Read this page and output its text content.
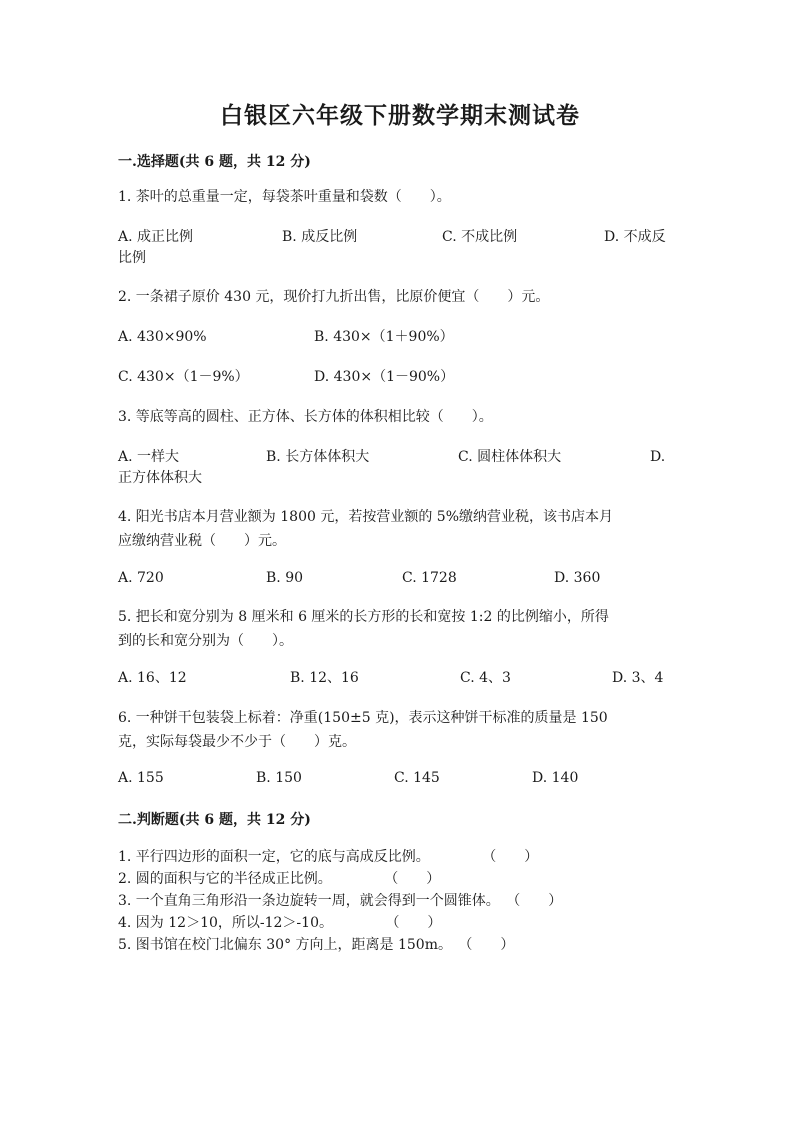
白银区六年级下册数学期末测试卷
一.选择题(共 6 题，共 12 分)
1. 茶叶的总重量一定，每袋茶叶重量和袋数（　　）。
A. 成正比例	B. 成反比例	C. 不成比例	D. 不成反
比例
2. 一条裙子原价 430 元，现价打九折出售，比原价便宜（　　）元。
A. 430×90%	B. 430×（1＋90%）
C. 430×（1－9%）	D. 430×（1－90%）
3. 等底等高的圆柱、正方体、长方体的体积相比较（　　）。
A. 一样大	B. 长方体体积大	C. 圆柱体体积大	D.
正方体体积大
4. 阳光书店本月营业额为 1800 元，若按营业额的 5%缴纳营业税，该书店本月
应缴纳营业税（　　）元。
A. 720	B. 90	C. 1728	D. 360
5. 把长和宽分别为 8 厘米和 6 厘米的长方形的长和宽按 1:2 的比例缩小，所得
到的长和宽分别为（　　）。
A. 16、12	B. 12、16	C. 4、3	D. 3、4
6. 一种饼干包装袋上标着：净重(150±5 克)，表示这种饼干标准的质量是 150
克，实际每袋最少不少于（　　）克。
A. 155	B. 150	C. 145	D. 140
二.判断题(共 6 题，共 12 分)
1. 平行四边形的面积一定，它的底与高成反比例。	（　　）
2. 圆的面积与它的半径成正比例。	（　　）
3. 一个直角三角形沿一条边旋转一周，就会得到一个圆锥体。 （　　）
4. 因为 12＞10，所以-12＞-10。	（　　）
5. 图书馆在校门北偏东 30° 方向上，距离是 150m。 （　　）
